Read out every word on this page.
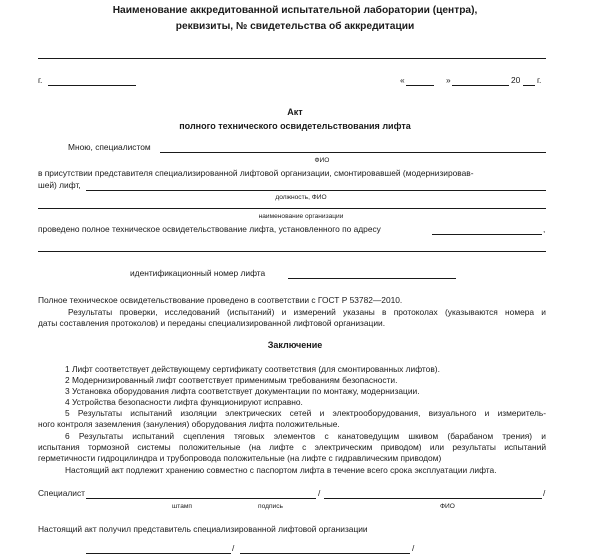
Наименование аккредитованной испытательной лаборатории (центра),
реквизиты, № свидетельства об аккредитации
г.	«	»	20 г.
Акт
полного технического освидетельствования лифта
Мною, специалистом
ФИО
в присутствии представителя специализированной лифтовой организации, смонтировавшей (модернизировав-
шей) лифт,
должность, ФИО
наименование организации
проведено полное техническое освидетельствование лифта, установленного по адресу	,
идентификационный номер лифта
Полное техническое освидетельствование проведено в соответствии с ГОСТ Р 53782—2010.
Результаты проверки, исследований (испытаний) и измерений указаны в протоколах (указываются номера и
даты составления протоколов) и переданы специализированной лифтовой организации.
Заключение
1 Лифт соответствует действующему сертификату соответствия (для смонтированных лифтов).
2 Модернизированный лифт соответствует применимым требованиям безопасности.
3 Установка оборудования лифта соответствует документации по монтажу, модернизации.
4 Устройства безопасности лифта функционируют исправно.
5 Результаты испытаний изоляции электрических сетей и электрооборудования, визуального и измеритель-
ного контроля заземления (зануления) оборудования лифта положительные.
6 Результаты испытаний сцепления тяговых элементов с канатоведущим шкивом (барабаном трения) и
испытания тормозной системы положительные (на лифте с электрическим приводом) или результаты испытаний
герметичности гидроцилиндра и трубопровода положительные (на лифте с гидравлическим приводом)
Настоящий акт подлежит хранению совместно с паспортом лифта в течение всего срока эксплуатации лифта.
Специалист	/	/
штамп	подпись	ФИО
Настоящий акт получил представитель специализированной лифтовой организации
/	/
